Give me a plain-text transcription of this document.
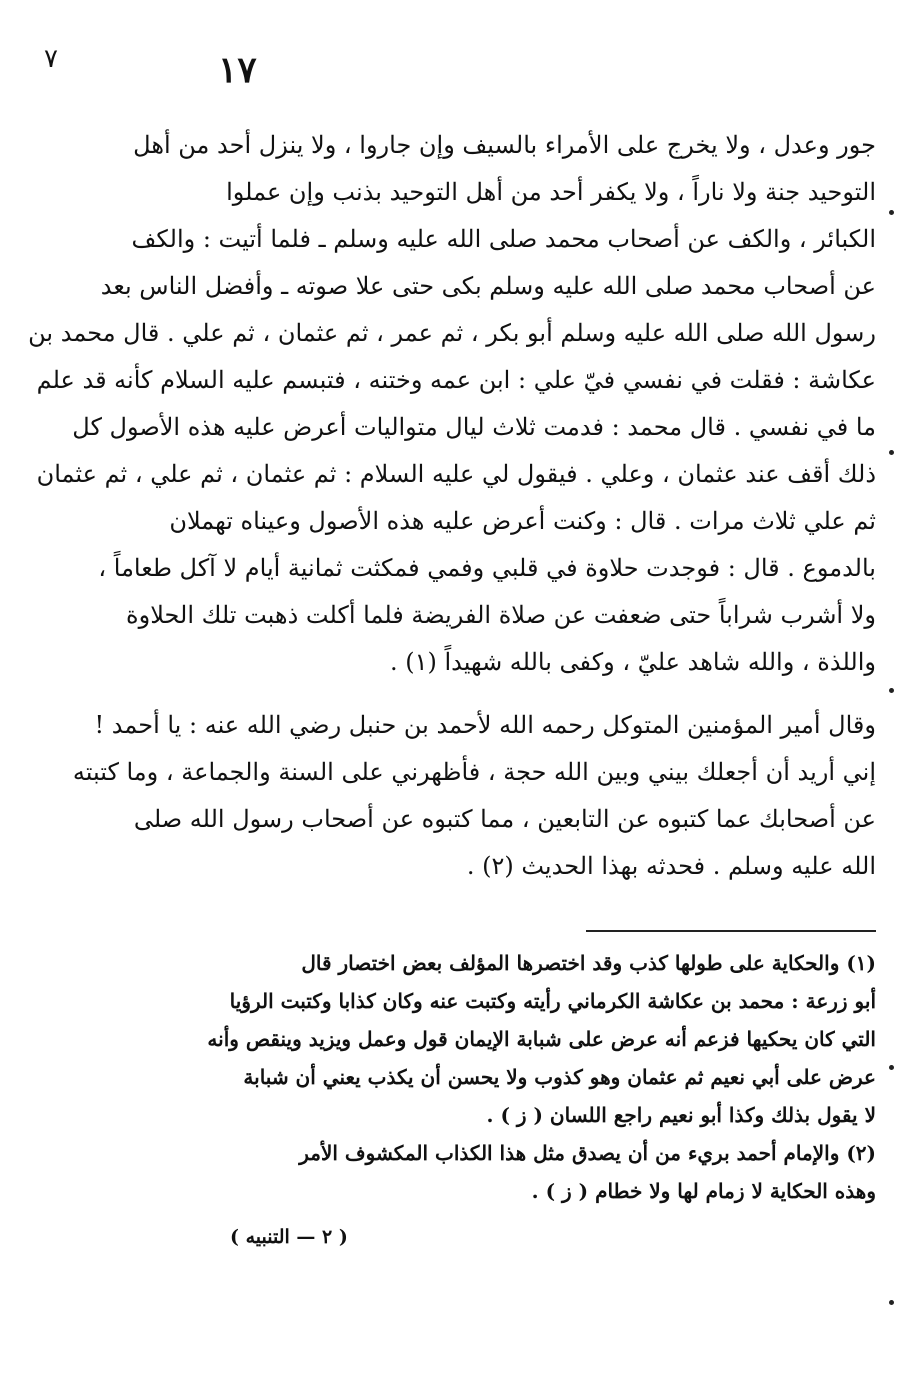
٧	١٧
جور وعدل ، ولا يخرج على الأمراء بالسيف وإن جاروا ، ولا ينزل أحد من أهل
التوحيد جنة ولا ناراً ، ولا يكفر أحد من أهل التوحيد بذنب وإن عملوا
الكبائر ، والكف عن أصحاب محمد صلى الله عليه وسلم ـ فلما أتيت : والكف
عن أصحاب محمد صلى الله عليه وسلم بكى حتى علا صوته ـ وأفضل الناس بعد
رسول الله صلى الله عليه وسلم أبو بكر ، ثم عمر ، ثم عثمان ، ثم علي . قال محمد بن
عكاشة : فقلت في نفسي فيّ علي : ابن عمه وختنه ، فتبسم عليه السلام كأنه قد علم
ما في نفسي . قال محمد : فدمت ثلاث ليال متواليات أعرض عليه هذه الأصول كل
ذلك أقف عند عثمان ، وعلي . فيقول لي عليه السلام : ثم عثمان ، ثم علي ، ثم عثمان
ثم علي ثلاث مرات . قال : وكنت أعرض عليه هذه الأصول وعيناه تهملان
بالدموع . قال : فوجدت حلاوة في قلبي وفمي فمكثت ثمانية أيام لا آكل طعاماً ،
ولا أشرب شراباً حتى ضعفت عن صلاة الفريضة فلما أكلت ذهبت تلك الحلاوة
واللذة ، والله شاهد عليّ ، وكفى بالله شهيداً (١) .
وقال أمير المؤمنين المتوكل رحمه الله لأحمد بن حنبل رضي الله عنه : يا أحمد !
إني أريد أن أجعلك بيني وبين الله حجة ، فأظهرني على السنة والجماعة ، وما كتبته
عن أصحابك عما كتبوه عن التابعين ، مما كتبوه عن أصحاب رسول الله صلى
الله عليه وسلم . فحدثه بهذا الحديث (٢) .
(١) والحكاية على طولها كذب وقد اختصرها المؤلف بعض اختصار قال
أبو زرعة : محمد بن عكاشة الكرماني رأيته وكتبت عنه وكان كذابا وكتبت الرؤيا
التي كان يحكيها فزعم أنه عرض على شبابة الإيمان قول وعمل ويزيد وينقص وأنه
عرض على أبي نعيم ثم عثمان وهو كذوب ولا يحسن أن يكذب يعني أن شبابة
لا يقول بذلك وكذا أبو نعيم راجع اللسان ( ز ) .
(٢) والإمام أحمد بريء من أن يصدق مثل هذا الكذاب المكشوف الأمر
وهذه الحكاية لا زمام لها ولا خطام ( ز ) .
( ٢ — التنبيه )
